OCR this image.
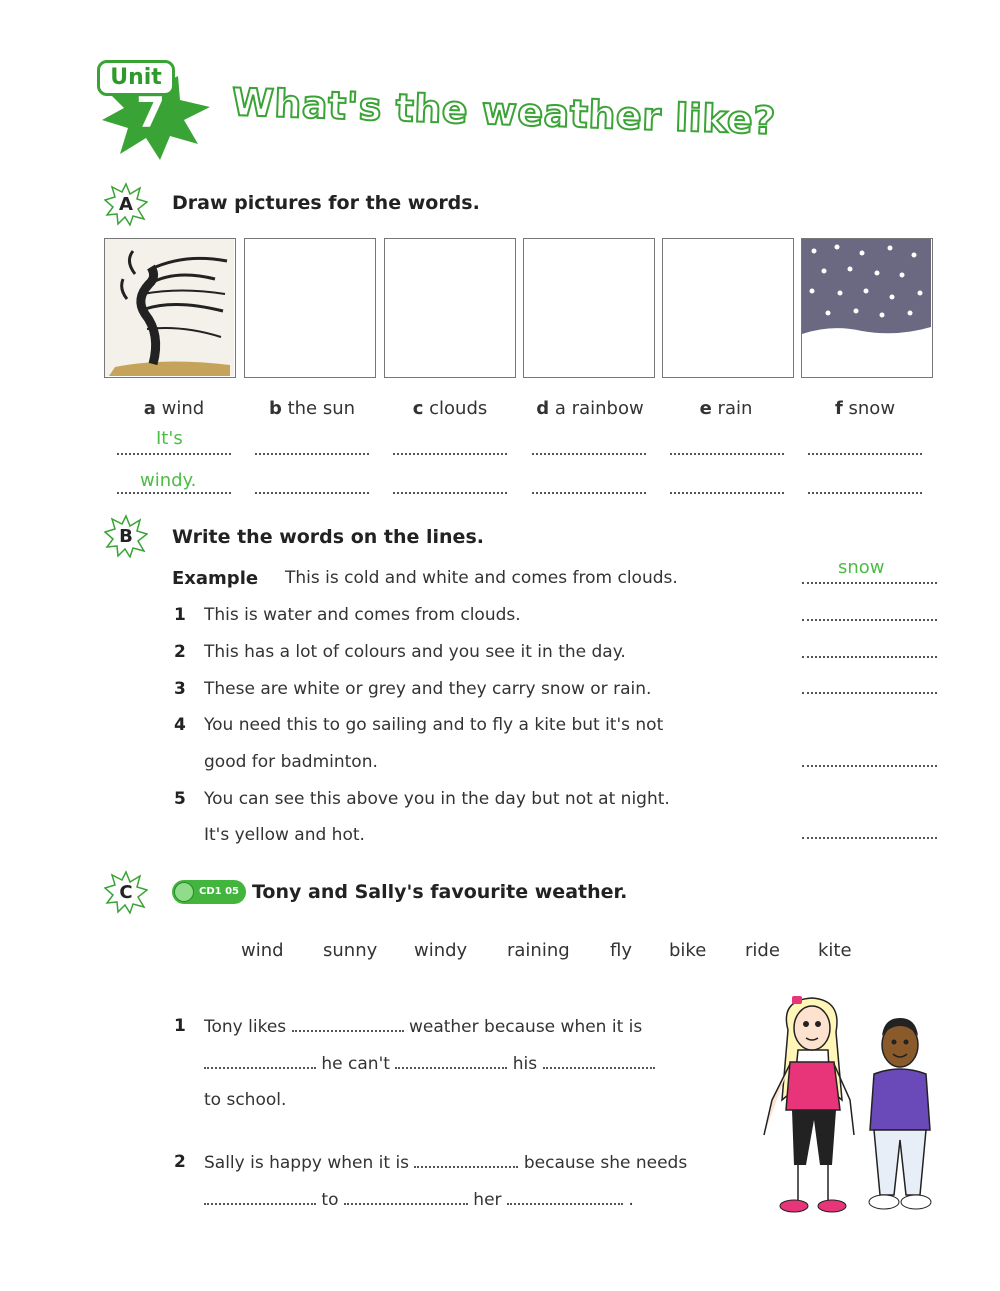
Unit
7 What's the weather like?
A	Draw pictures for the words.
a wind	b the sun	c clouds	d a rainbow	e rain	f snow
It's
windy.
B	Write the words on the lines.
Example This is cold and white and comes from clouds.	snow
1 This is water and comes from clouds.
2 This has a lot of colours and you see it in the day.
3 These are white or grey and they carry snow or rain.
4 You need this to go sailing and to fly a kite but it's not
good for badminton.
5 You can see this above you in the day but not at night.
It's yellow and hot.
C	CD1 05 Tony and Sally's favourite weather.
wind sunny windy raining fly bike ride kite
1 Tony likes	weather because when it is
he can't	his
to school.
2 Sally is happy when it is	because she needs
to	her	.
